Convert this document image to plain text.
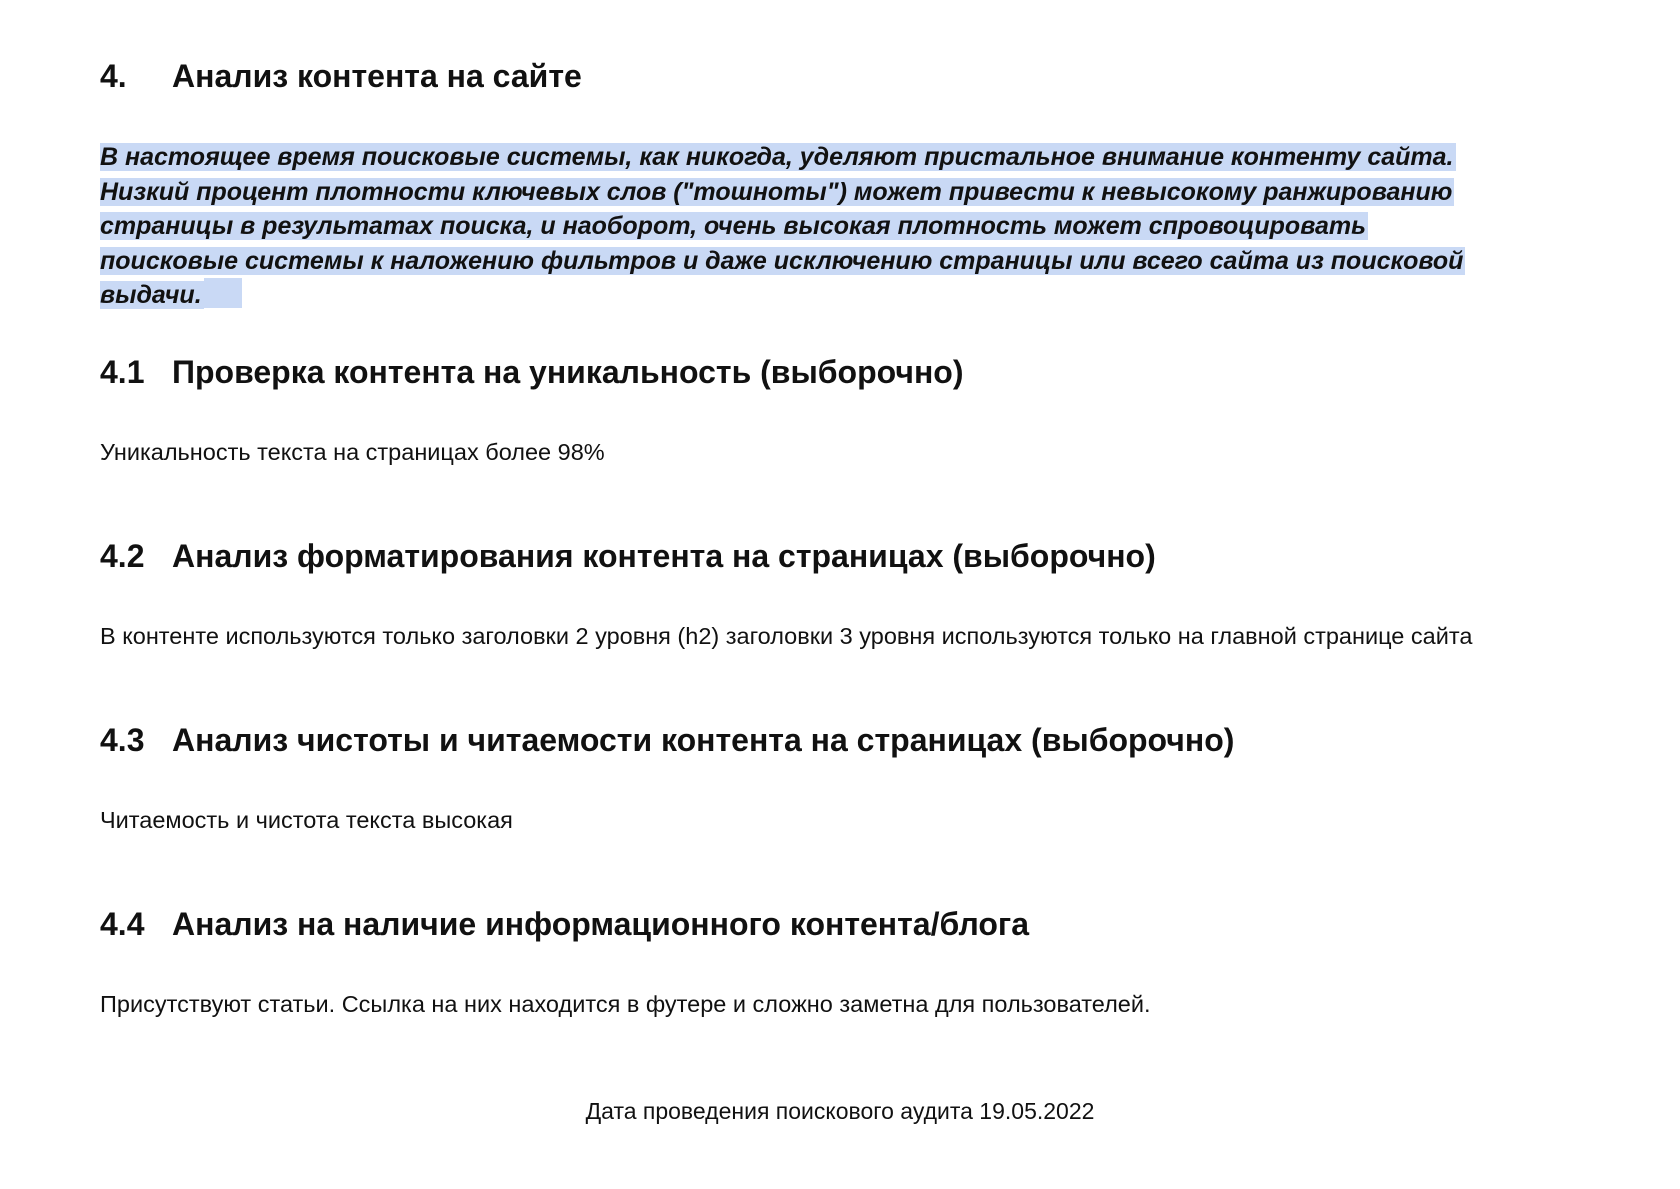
4. Анализ контента на сайте
В настоящее время поисковые системы, как никогда, уделяют пристальное внимание контенту сайта.
Низкий процент плотности ключевых слов ("тошноты") может привести к невысокому ранжированию
страницы в результатах поиска, и наоборот, очень высокая плотность может спровоцировать
поисковые системы к наложению фильтров и даже исключению страницы или всего сайта из поисковой
выдачи.
4.1 Проверка контента на уникальность (выборочно)
Уникальность текста на страницах более 98%
4.2 Анализ форматирования контента на страницах (выборочно)
В контенте используются только заголовки 2 уровня (h2) заголовки 3 уровня используются только на главной странице сайта
4.3 Анализ чистоты и читаемости контента на страницах (выборочно)
Читаемость и чистота текста высокая
4.4 Анализ на наличие информационного контента/блога
Присутствуют статьи. Ссылка на них находится в футере и сложно заметна для пользователей.
Дата проведения поискового аудита 19.05.2022
